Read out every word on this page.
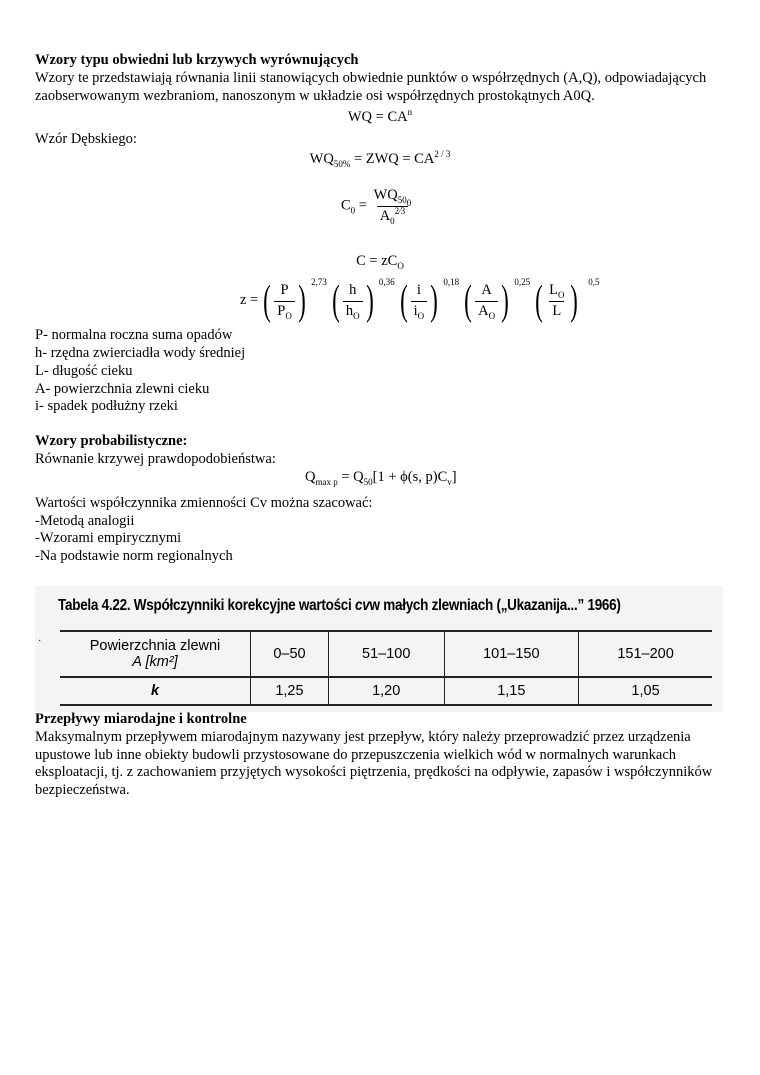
Wzory typu obwiedni lub krzywych wyrównujących
Wzory te przedstawiają równania linii stanowiących obwiednie punktów o współrzędnych (A,Q), odpowiadających zaobserwowanym wezbraniom, nanoszonym w układzie osi współrzędnych prostokątnych A0Q.
WQ = $CA^n$
Wzór Dębskiego:
$WQ_{50\%}$ = ZWQ = $CA^{2 / 3}$
$C_0 = \frac{WQ_{50_0}}{A_0^{2⁄3}}$
$C = zC_O$
z = ( $\frac{P}{P_O}$ ) 2,73 ( $\frac{h}{h_O}$ ) 0,36 ( $\frac{i}{i_O}$ ) 0,18 ( $\frac{A}{A_O}$ ) 0,25 ( $\frac{L_O}{L}$ ) 0,5
P- normalna roczna suma opadów
h- rzędna zwierciadła wody średniej
L- długość cieku
A- powierzchnia zlewni cieku
i- spadek podłużny rzeki
Wzory probabilistyczne:
Równanie krzywej prawdopodobieństwa:
$Q_{max p} = Q_{50}[1 + \phi(s$, $p)C_v$]
Wartości współczynnika zmienności Cv można szacować:
-Metodą analogii
-Wzorami empirycznymi
-Na podstawie norm regionalnych
Tabela 4.22. Współczynniki korekcyjne wartości cvw małych zlewniach („Ukazanija...” 1966)
·	Powierzchnia zlewni
A [km²]	0–50	51–100	101–150	151–200
k	1,25	1,20	1,15	1,05
Przepływy miarodajne i kontrolne
Maksymalnym przepływem miarodajnym nazywany jest przepływ, który należy przeprowadzić przez urządzenia upustowe lub inne obiekty budowli przystosowane do przepuszczenia wielkich wód w normalnych warunkach eksploatacji, tj. z zachowaniem przyjętych wysokości piętrzenia, prędkości na odpływie, zapasów i współczynników bezpieczeństwa.
